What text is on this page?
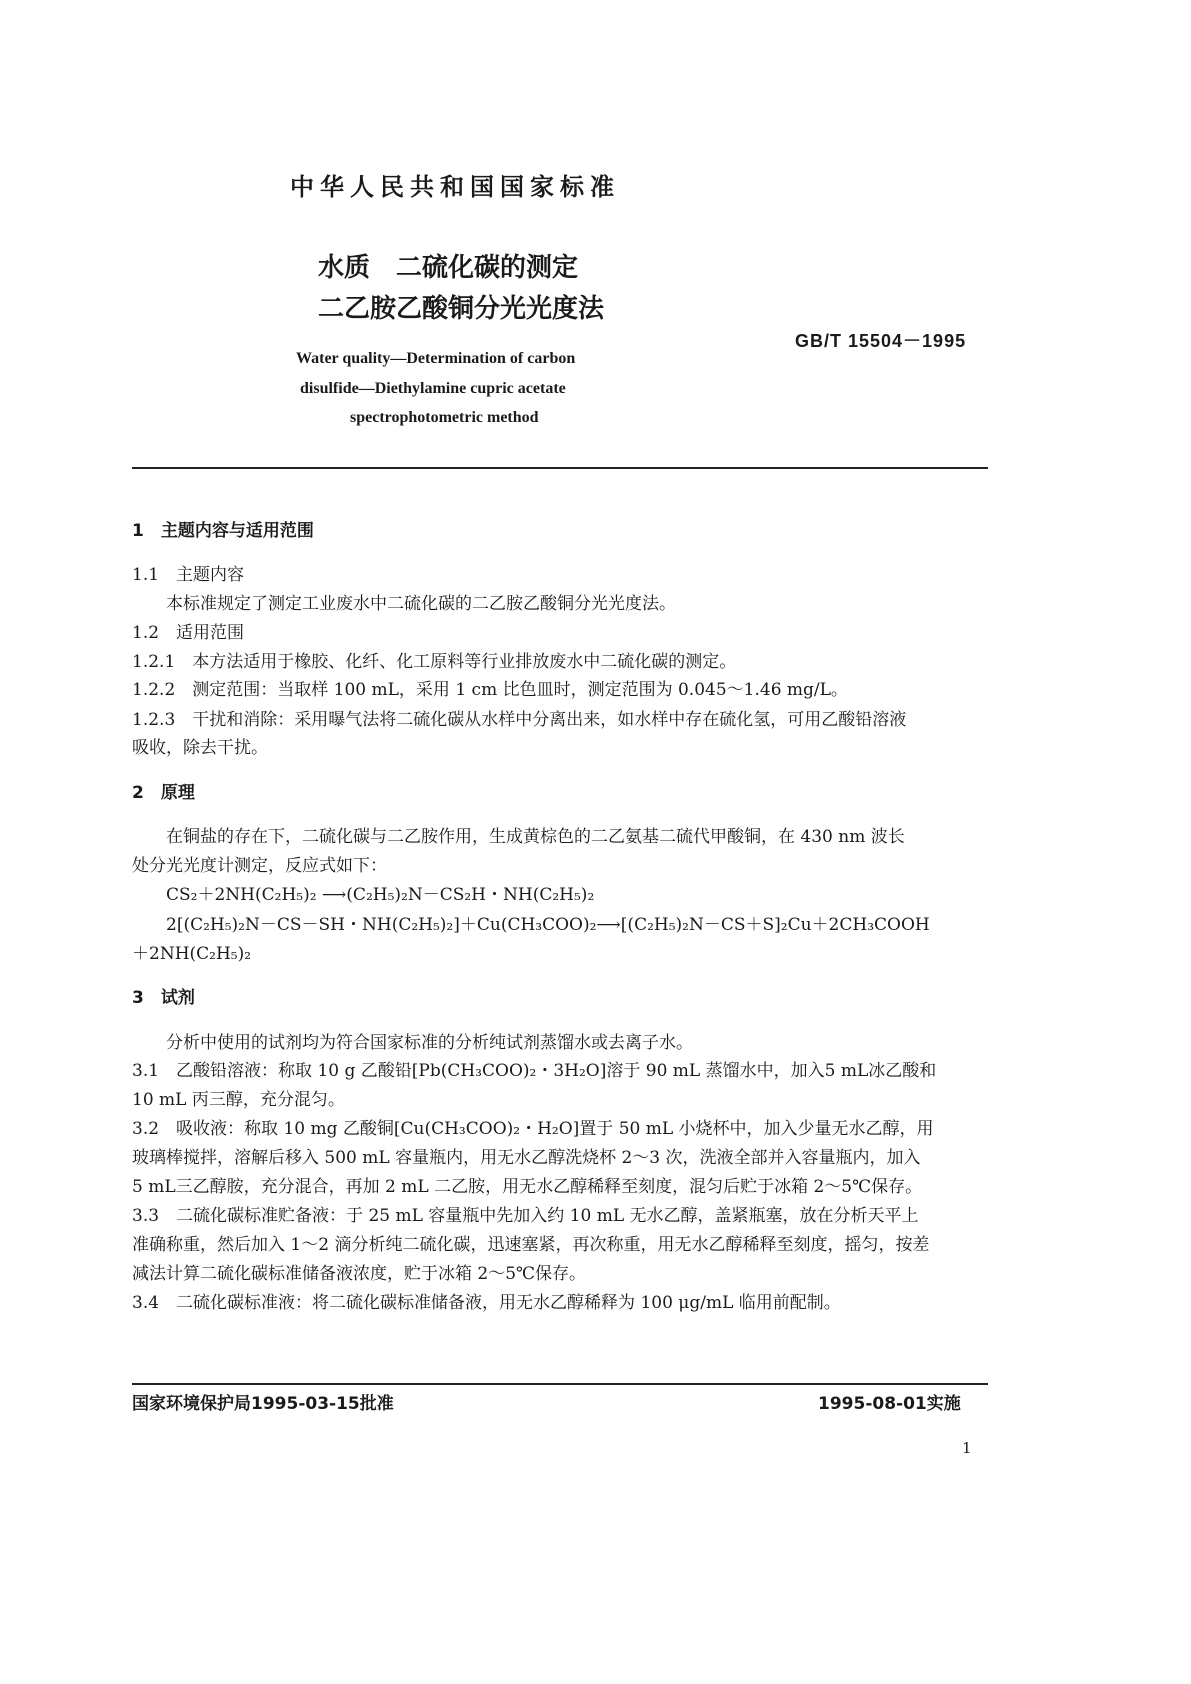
中华人民共和国国家标准
水质　二硫化碳的测定
二乙胺乙酸铜分光光度法
GB/T 15504－1995
Water quality—Determination of carbon
disulfide—Diethylamine cupric acetate
spectrophotometric method
1　主题内容与适用范围
1.1　主题内容
本标准规定了测定工业废水中二硫化碳的二乙胺乙酸铜分光光度法。
1.2　适用范围
1.2.1　本方法适用于橡胶、化纤、化工原料等行业排放废水中二硫化碳的测定。
1.2.2　测定范围：当取样 100 mL，采用 1 cm 比色皿时，测定范围为 0.045～1.46 mg/L。
1.2.3　干扰和消除：采用曝气法将二硫化碳从水样中分离出来，如水样中存在硫化氢，可用乙酸铅溶液
吸收，除去干扰。
2　原理
在铜盐的存在下，二硫化碳与二乙胺作用，生成黄棕色的二乙氨基二硫代甲酸铜，在 430 nm 波长
处分光光度计测定，反应式如下：
CS₂＋2NH(C₂H₅)₂ ⟶(C₂H₅)₂N－CS₂H・NH(C₂H₅)₂
2[(C₂H₅)₂N－CS－SH・NH(C₂H₅)₂]＋Cu(CH₃COO)₂⟶[(C₂H₅)₂N－CS＋S]₂Cu＋2CH₃COOH
＋2NH(C₂H₅)₂
3　试剂
分析中使用的试剂均为符合国家标准的分析纯试剂蒸馏水或去离子水。
3.1　乙酸铅溶液：称取 10 g 乙酸铅[Pb(CH₃COO)₂・3H₂O]溶于 90 mL 蒸馏水中，加入5 mL冰乙酸和
10 mL 丙三醇，充分混匀。
3.2　吸收液：称取 10 mg 乙酸铜[Cu(CH₃COO)₂・H₂O]置于 50 mL 小烧杯中，加入少量无水乙醇，用
玻璃棒搅拌，溶解后移入 500 mL 容量瓶内，用无水乙醇洗烧杯 2～3 次，洗液全部并入容量瓶内，加入
5 mL三乙醇胺，充分混合，再加 2 mL 二乙胺，用无水乙醇稀释至刻度，混匀后贮于冰箱 2～5℃保存。
3.3　二硫化碳标准贮备液：于 25 mL 容量瓶中先加入约 10 mL 无水乙醇，盖紧瓶塞，放在分析天平上
准确称重，然后加入 1～2 滴分析纯二硫化碳，迅速塞紧，再次称重，用无水乙醇稀释至刻度，摇匀，按差
减法计算二硫化碳标准储备液浓度，贮于冰箱 2～5℃保存。
3.4　二硫化碳标准液：将二硫化碳标准储备液，用无水乙醇稀释为 100 μg/mL 临用前配制。
国家环境保护局1995-03-15批准	1995-08-01实施
1
